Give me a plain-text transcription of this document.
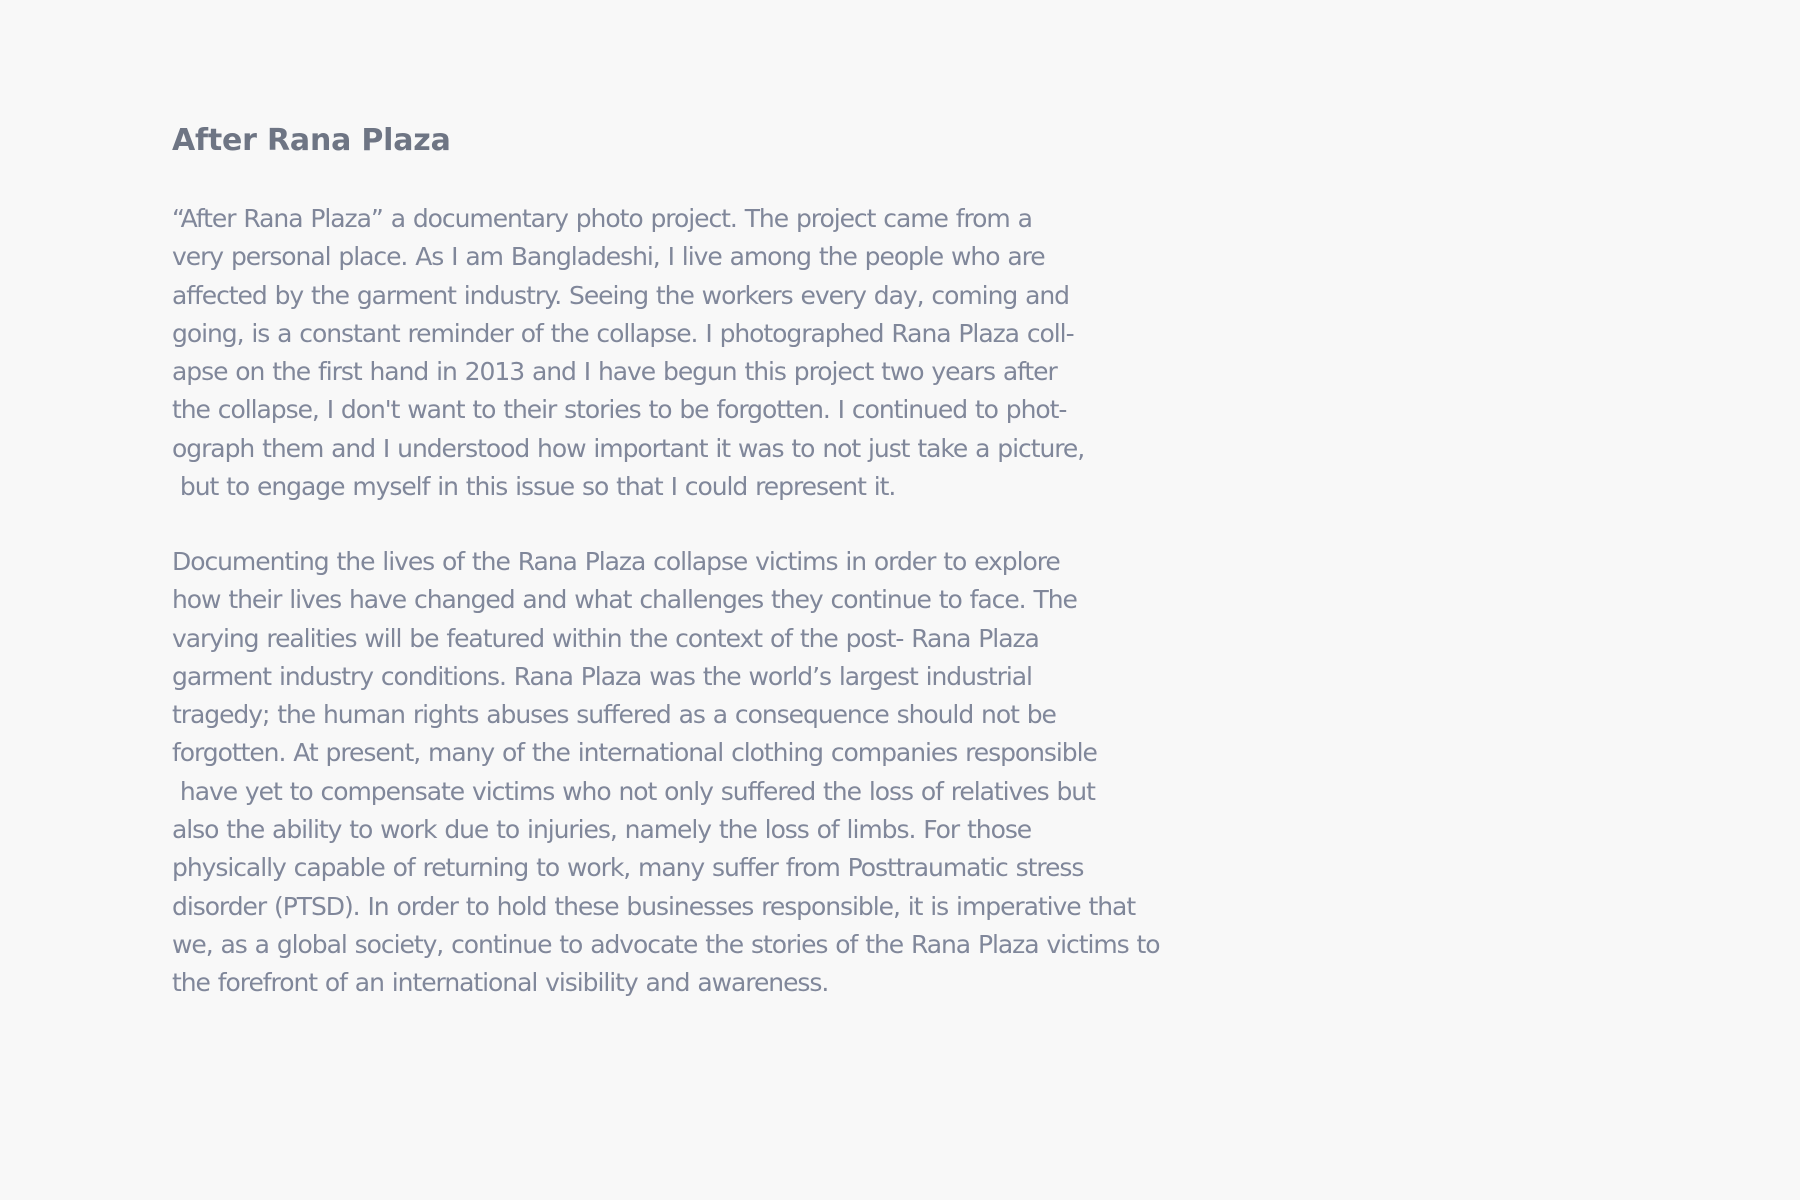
After Rana Plaza
“After Rana Plaza” a documentary photo project. The project came from a
very personal place. As I am Bangladeshi, I live among the people who are
affected by the garment industry. Seeing the workers every day, coming and
going, is a constant reminder of the collapse. I photographed Rana Plaza coll-
apse on the first hand in 2013 and I have begun this project two years after
the collapse, I don't want to their stories to be forgotten. I continued to phot-
ograph them and I understood how important it was to not just take a picture,
but to engage myself in this issue so that I could represent it.
Documenting the lives of the Rana Plaza collapse victims in order to explore
how their lives have changed and what challenges they continue to face. The
varying realities will be featured within the context of the post- Rana Plaza
garment industry conditions. Rana Plaza was the world’s largest industrial
tragedy; the human rights abuses suffered as a consequence should not be
forgotten. At present, many of the international clothing companies responsible
have yet to compensate victims who not only suffered the loss of relatives but
also the ability to work due to injuries, namely the loss of limbs. For those
physically capable of returning to work, many suffer from Posttraumatic stress
disorder (PTSD). In order to hold these businesses responsible, it is imperative that
we, as a global society, continue to advocate the stories of the Rana Plaza victims to
the forefront of an international visibility and awareness.
